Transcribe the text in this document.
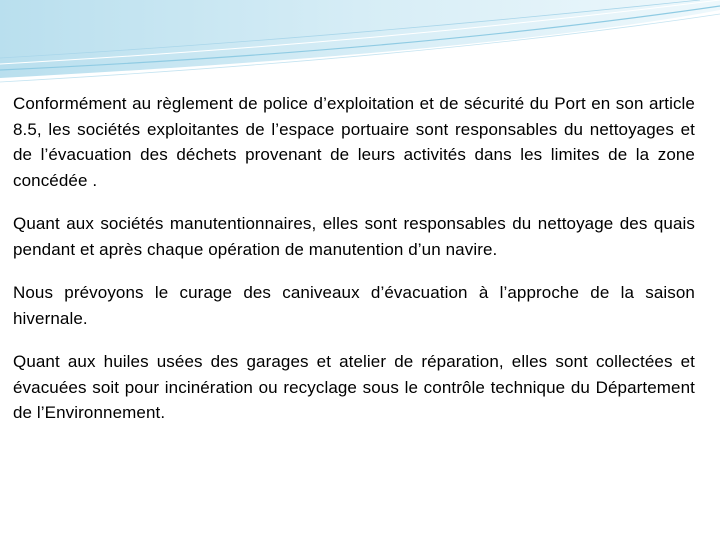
Conformément au règlement de police d’exploitation et de sécurité du Port en son article 8.5, les sociétés exploitantes de l’espace portuaire sont responsables du nettoyages et de l’évacuation des déchets provenant de leurs activités dans les limites de la zone concédée .

Quant aux sociétés manutentionnaires, elles sont responsables du nettoyage des quais pendant et après chaque opération de manutention d’un navire.

Nous prévoyons le curage des caniveaux d’évacuation à l’approche de la saison hivernale.

Quant aux huiles usées des garages et atelier de réparation, elles sont collectées et évacuées soit pour incinération ou recyclage sous le contrôle technique du Département de l’Environnement.
